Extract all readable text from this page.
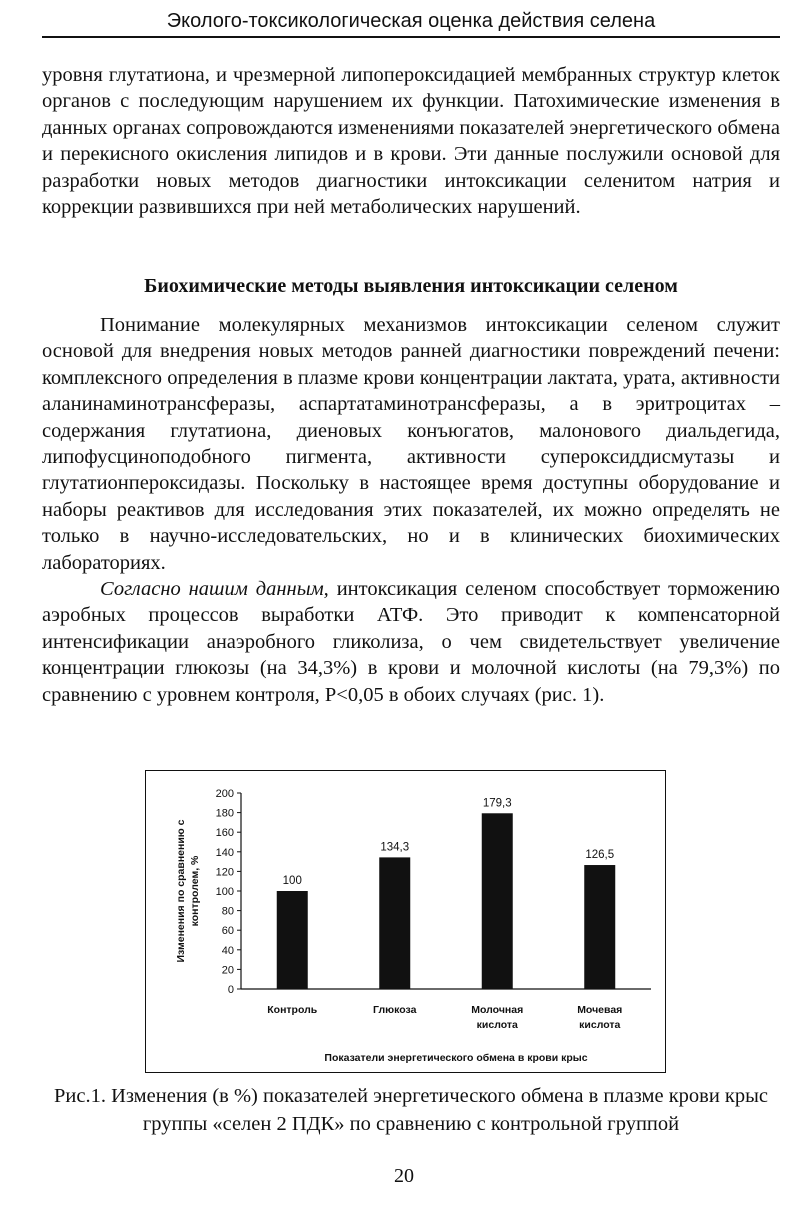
Эколого-токсикологическая оценка действия селена

уровня глутатиона, и чрезмерной липопероксидацией мембранных структур клеток органов с последующим нарушением их функции. Патохимические изменения в данных органах сопровождаются изменениями показателей энергетического обмена и перекисного окисления липидов и в крови. Эти данные послужили основой для разработки новых методов диагностики интоксикации селенитом натрия и коррекции развившихся при ней метаболических нарушений.

Биохимические методы выявления интоксикации селеном

Понимание молекулярных механизмов интоксикации селеном служит основой для внедрения новых методов ранней диагностики повреждений печени: комплексного определения в плазме крови концентрации лактата, урата, активности аланинаминотрансферазы, аспартатаминотрансферазы, а в эритроцитах – содержания глутатиона, диеновых конъюгатов, малонового диальдегида, липофусциноподобного пигмента, активности супероксиддисмутазы и глутатионпероксидазы. Поскольку в настоящее время доступны оборудование и наборы реактивов для исследования этих показателей, их можно определять не только в научно-исследовательских, но и в клинических биохимических лабораториях.

Согласно нашим данным, интоксикация селеном способствует торможению аэробных процессов выработки АТФ. Это приводит к компенсаторной интенсификации анаэробного гликолиза, о чем свидетельствует увеличение концентрации глюкозы (на 34,3%) в крови и молочной кислоты (на 79,3%) по сравнению с уровнем контроля, Р<0,05 в обоих случаях (рис. 1).

0
20
40
60
80
100
120
140
160
180
200
Изменения по сравнению с контролем, %	100
Контроль
134,3
Глюкоза
179,3
Молочная
кислота
126,5
Мочевая
кислота
Показатели энергетического обмена в крови крыс
Рис.1. Изменения (в %) показателей энергетического обмена в плазме крови крыс группы «селен 2 ПДК» по сравнению с контрольной группой
20
